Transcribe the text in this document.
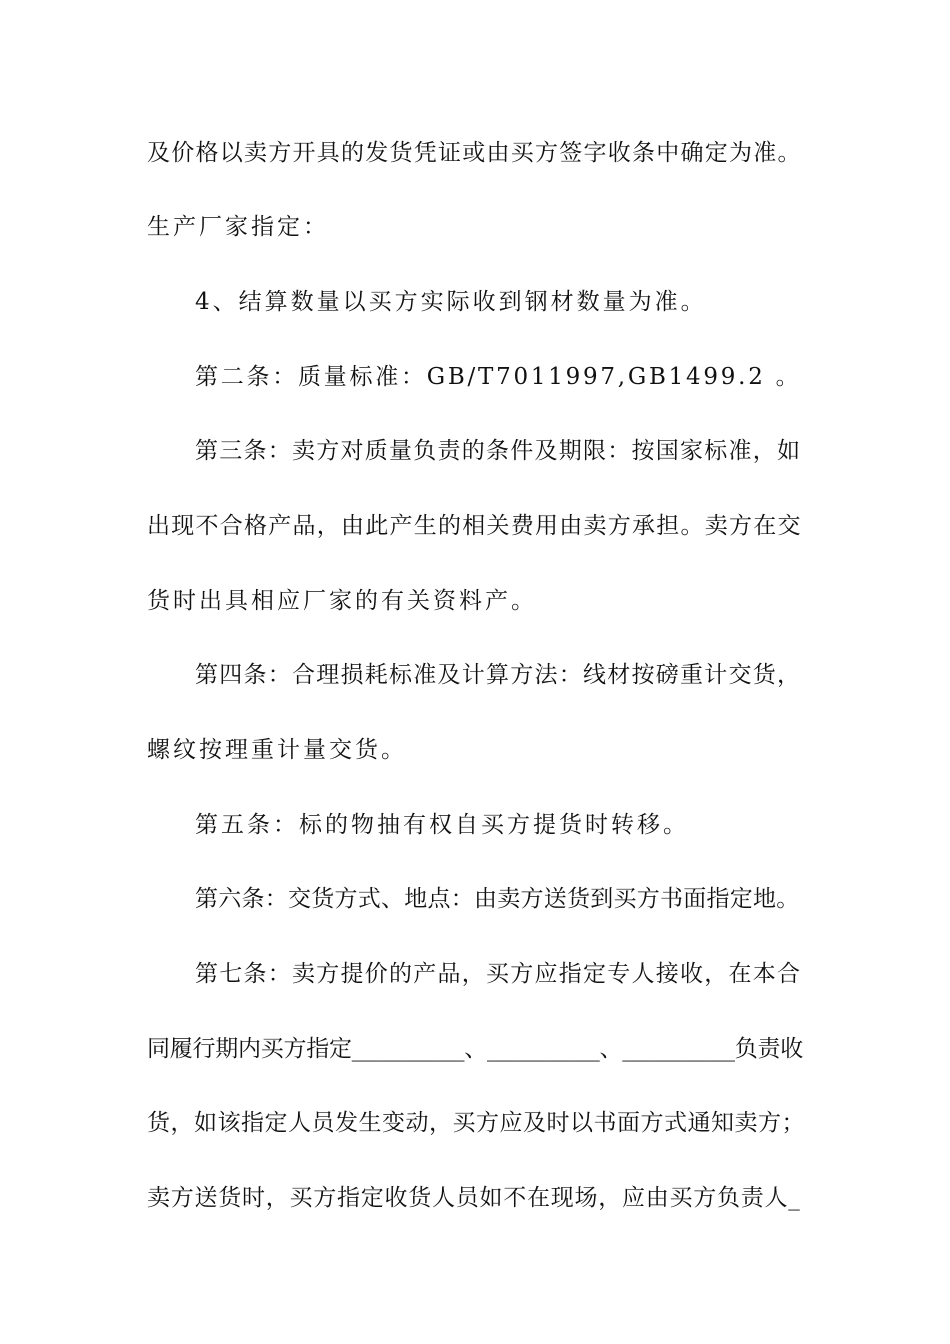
及价格以卖方开具的发货凭证或由买方签字收条中确定为准。

生产厂家指定：

4、结算数量以买方实际收到钢材数量为准。

第二条：质量标准：GB/T7011997,GB1499.2 。

第三条：卖方对质量负责的条件及期限：按国家标准，如

出现不合格产品，由此产生的相关费用由卖方承担。卖方在交

货时出具相应厂家的有关资料产。

第四条：合理损耗标准及计算方法：线材按磅重计交货，

螺纹按理重计量交货。

第五条：标的物抽有权自买方提货时转移。

第六条：交货方式、地点：由卖方送货到买方书面指定地。

第七条：卖方提价的产品，买方应指定专人接收，在本合

同履行期内买方指定__________、__________、__________负责收

货，如该指定人员发生变动，买方应及时以书面方式通知卖方；

卖方送货时，买方指定收货人员如不在现场，应由买方负责人_
